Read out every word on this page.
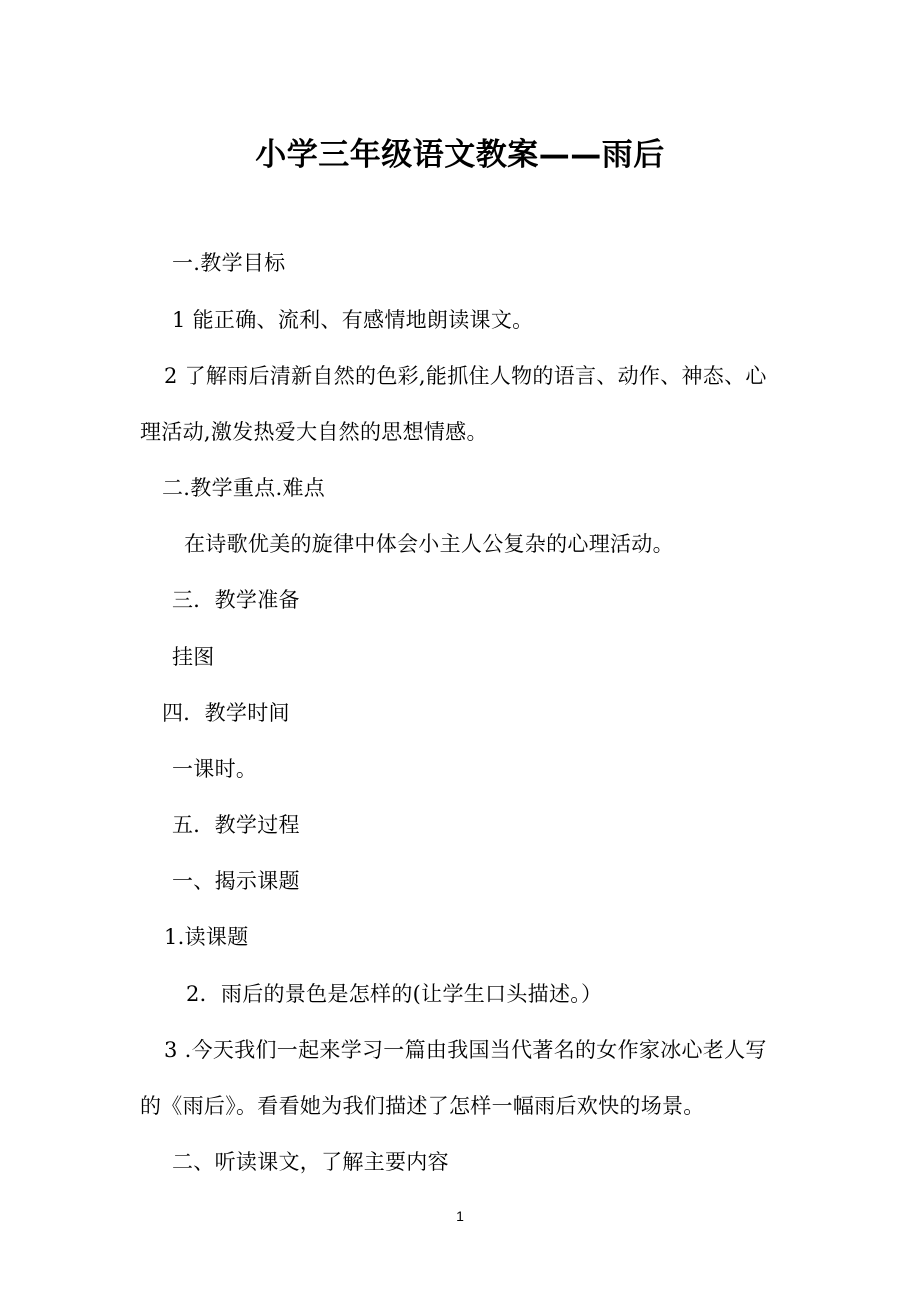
小学三年级语文教案——雨后
一.教学目标
1 能正确、流利、有感情地朗读课文。
2 了解雨后清新自然的色彩,能抓住人物的语言、动作、神态、心
理活动,激发热爱大自然的思想情感。
二.教学重点.难点
在诗歌优美的旋律中体会小主人公复杂的心理活动。
三．教学准备
挂图
四．教学时间
一课时。
五．教学过程
一、揭示课题
1.读课题
2．雨后的景色是怎样的(让学生口头描述。）
3 .今天我们一起来学习一篇由我国当代著名的女作家冰心老人写
的《雨后》。看看她为我们描述了怎样一幅雨后欢快的场景。
二、听读课文，了解主要内容
1
